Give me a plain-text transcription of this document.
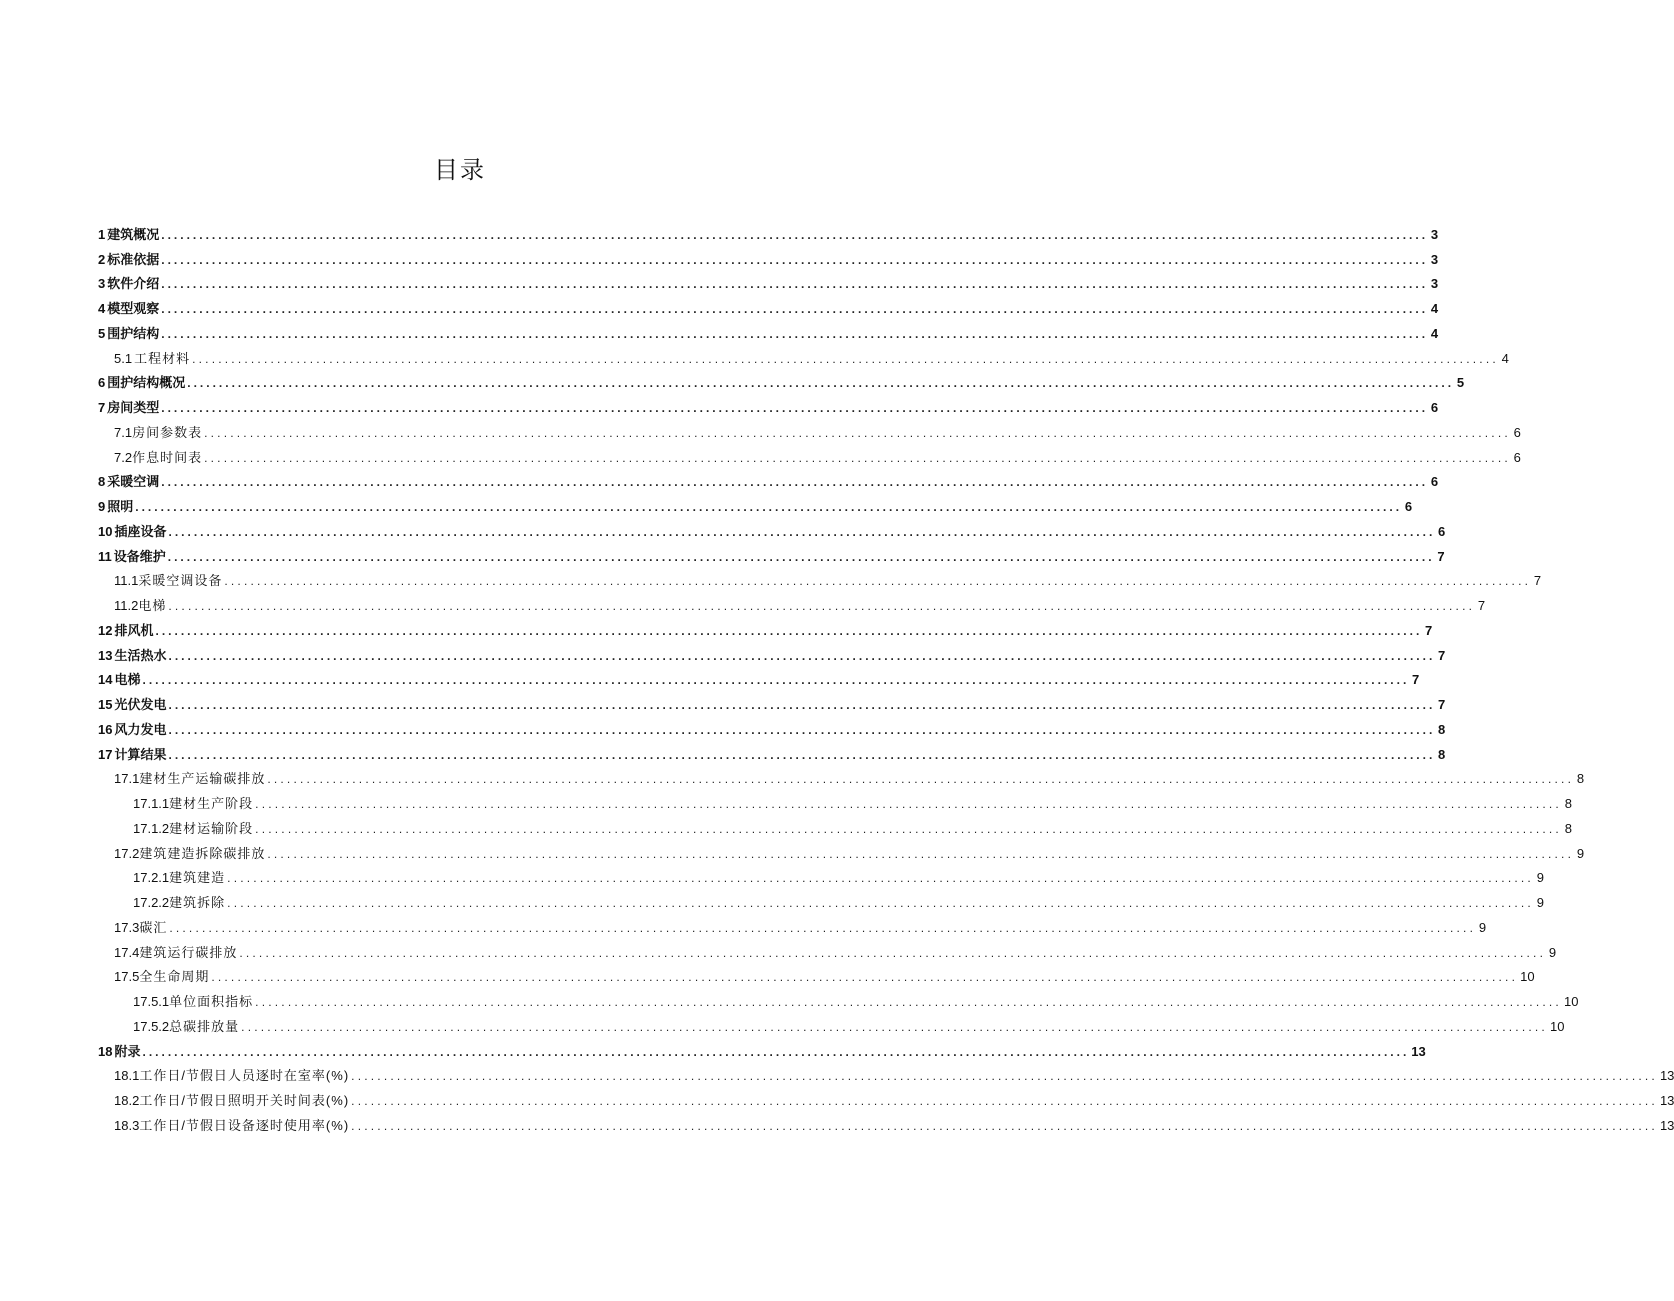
目录
1 建筑概况 ........................................................................................................................................................................................................ 3
2 标准依据 ........................................................................................................................................................................................................ 3
3 软件介绍 ........................................................................................................................................................................................................ 3
4 模型观察 ........................................................................................................................................................................................................ 4
5 围护结构 ........................................................................................................................................................................................................ 4
5.1 工程材料 ........................................................................................................................................................................................................ 4
6 围护结构概况 ........................................................................................................................................................................................................ 5
7 房间类型 ........................................................................................................................................................................................................ 6
7.1 房间参数表 ........................................................................................................................................................................................................ 6
7.2 作息时间表 ........................................................................................................................................................................................................ 6
8 采暖空调 ........................................................................................................................................................................................................ 6
9 照明 ........................................................................................................................................................................................................ 6
10 插座设备 ........................................................................................................................................................................................................ 6
11 设备维护 ........................................................................................................................................................................................................ 7
11.1 采暖空调设备 ........................................................................................................................................................................................................ 7
11.2 电梯 ........................................................................................................................................................................................................ 7
12 排风机 ........................................................................................................................................................................................................ 7
13 生活热水 ........................................................................................................................................................................................................ 7
14 电梯 ........................................................................................................................................................................................................ 7
15 光伏发电 ........................................................................................................................................................................................................ 7
16 风力发电 ........................................................................................................................................................................................................ 8
17 计算结果 ........................................................................................................................................................................................................ 8
17.1 建材生产运输碳排放 ........................................................................................................................................................................................................ 8
17.1.1 建材生产阶段 ........................................................................................................................................................................................................ 8
17.1.2 建材运输阶段 ........................................................................................................................................................................................................ 8
17.2 建筑建造拆除碳排放 ........................................................................................................................................................................................................ 9
17.2.1 建筑建造 ........................................................................................................................................................................................................ 9
17.2.2 建筑拆除 ........................................................................................................................................................................................................ 9
17.3 碳汇 ........................................................................................................................................................................................................ 9
17.4 建筑运行碳排放 ........................................................................................................................................................................................................ 9
17.5 全生命周期 ........................................................................................................................................................................................................ 10
17.5.1 单位面积指标 ........................................................................................................................................................................................................ 10
17.5.2 总碳排放量 ........................................................................................................................................................................................................ 10
18 附录 ........................................................................................................................................................................................................ 13
18.1 工作日/节假日人员逐时在室率(%) ........................................................................................................................................................................................................ 13
18.2 工作日/节假日照明开关时间表(%) ........................................................................................................................................................................................................ 13
18.3 工作日/节假日设备逐时使用率(%) ........................................................................................................................................................................................................ 13
